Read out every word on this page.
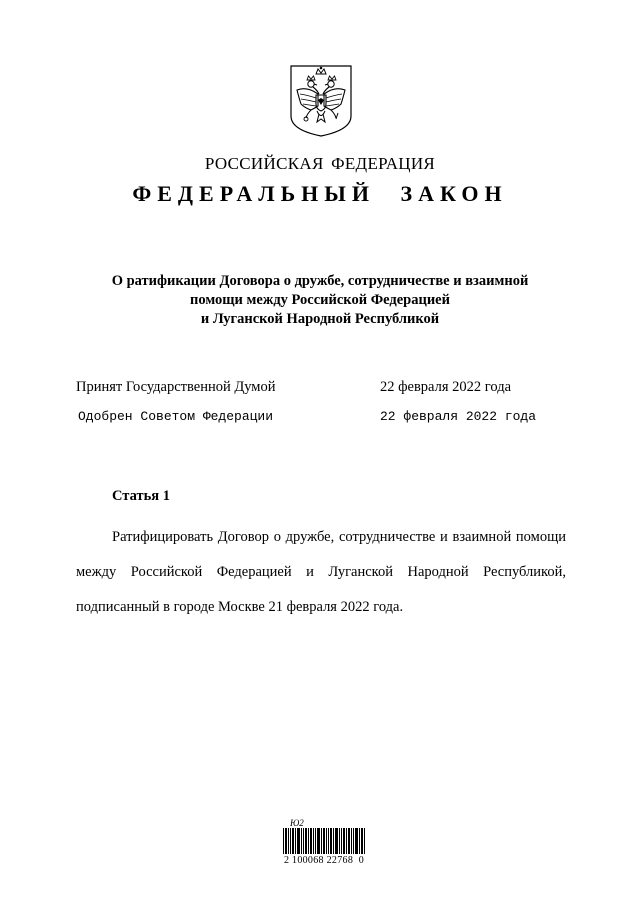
РОССИЙСКАЯ ФЕДЕРАЦИЯ
ФЕДЕРАЛЬНЫЙ ЗАКОН
О ратификации Договора о дружбе, сотрудничестве и взаимной
помощи между Российской Федерацией
и Луганской Народной Республикой
Принят Государственной Думой	22 февраля 2022 года
Одобрен Советом Федерации	22 февраля 2022 года
Статья 1

Ратифицировать Договор о дружбе, сотрудничестве и взаимной помощи между Российской Федерацией и Луганской Народной Республикой, подписанный в городе Москве 21 февраля 2022 года.

Ю2
2 100068 22768  0
